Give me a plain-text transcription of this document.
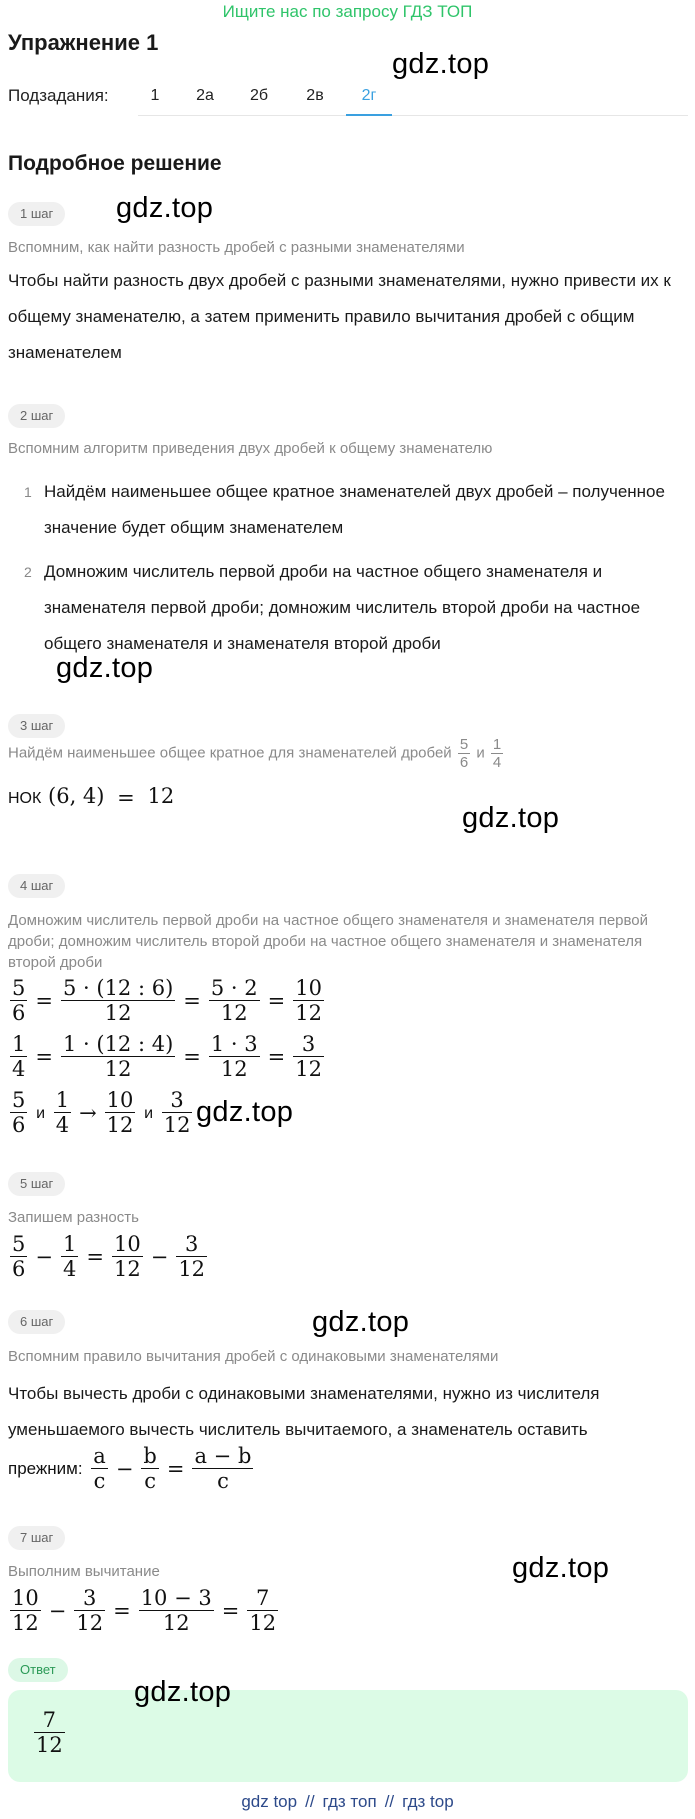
Ищите нас по запросу ГДЗ ТОП
Упражнение 1
gdz.top
Подзадания:	1	2а	2б	2в	2г
Подробное решение
1 шаг	gdz.top
Вспомним, как найти разность дробей с разными знаменателями
Чтобы найти разность двух дробей с разными знаменателями, нужно привести их к общему знаменателю, а затем применить правило вычитания дробей с общим знаменателем
2 шаг
Вспомним алгоритм приведения двух дробей к общему знаменателю
1 Найдём наименьшее общее кратное знаменателей двух дробей – полученное значение будет общим знаменателем
2 Домножим числитель первой дроби на частное общего знаменателя и знаменателя первой дроби; домножим числитель второй дроби на частное общего знаменателя и знаменателя второй дроби
gdz.top
3 шаг
Найдём наименьшее общее кратное для знаменателей дробей $\frac{5}{6}$ и $\frac{1}{4}$
НОК (6, 4) = 12
gdz.top
4 шаг
Домножим числитель первой дроби на частное общего знаменателя и знаменателя первой дроби; домножим числитель второй дроби на частное общего знаменателя и знаменателя второй дроби
$\frac{5}{6} = \frac{5 \cdot (12 : 6)}{12} = \frac{5 \cdot 2}{12} = \frac{10}{12}$
$\frac{1}{4} = \frac{1 \cdot (12 : 4)}{12} = \frac{1 \cdot 3}{12} = \frac{3}{12}$
$\frac{5}{6}$ и $\frac{1}{4} \to \frac{10}{12}$ и $\frac{3}{12} gdz.top$
5 шаг
Запишем разность
$\frac{5}{6} - \frac{1}{4} = \frac{10}{12} - \frac{3}{12}$
6 шаг	gdz.top
Вспомним правило вычитания дробей с одинаковыми знаменателями
Чтобы вычесть дроби с одинаковыми знаменателями, нужно из числителя уменьшаемого вычесть числитель вычитаемого, а знаменатель оставить
прежним: $\frac{a}{c} - \frac{b}{c} = \frac{a - b}{c}$
7 шаг
gdz.top
Выполним вычитание
$\frac{10}{12} - \frac{3}{12} = \frac{10 - 3}{12} = \frac{7}{12}$
Ответ
$\frac{7}{12}$
gdz.top
gdz top // гдз топ // гдз top
